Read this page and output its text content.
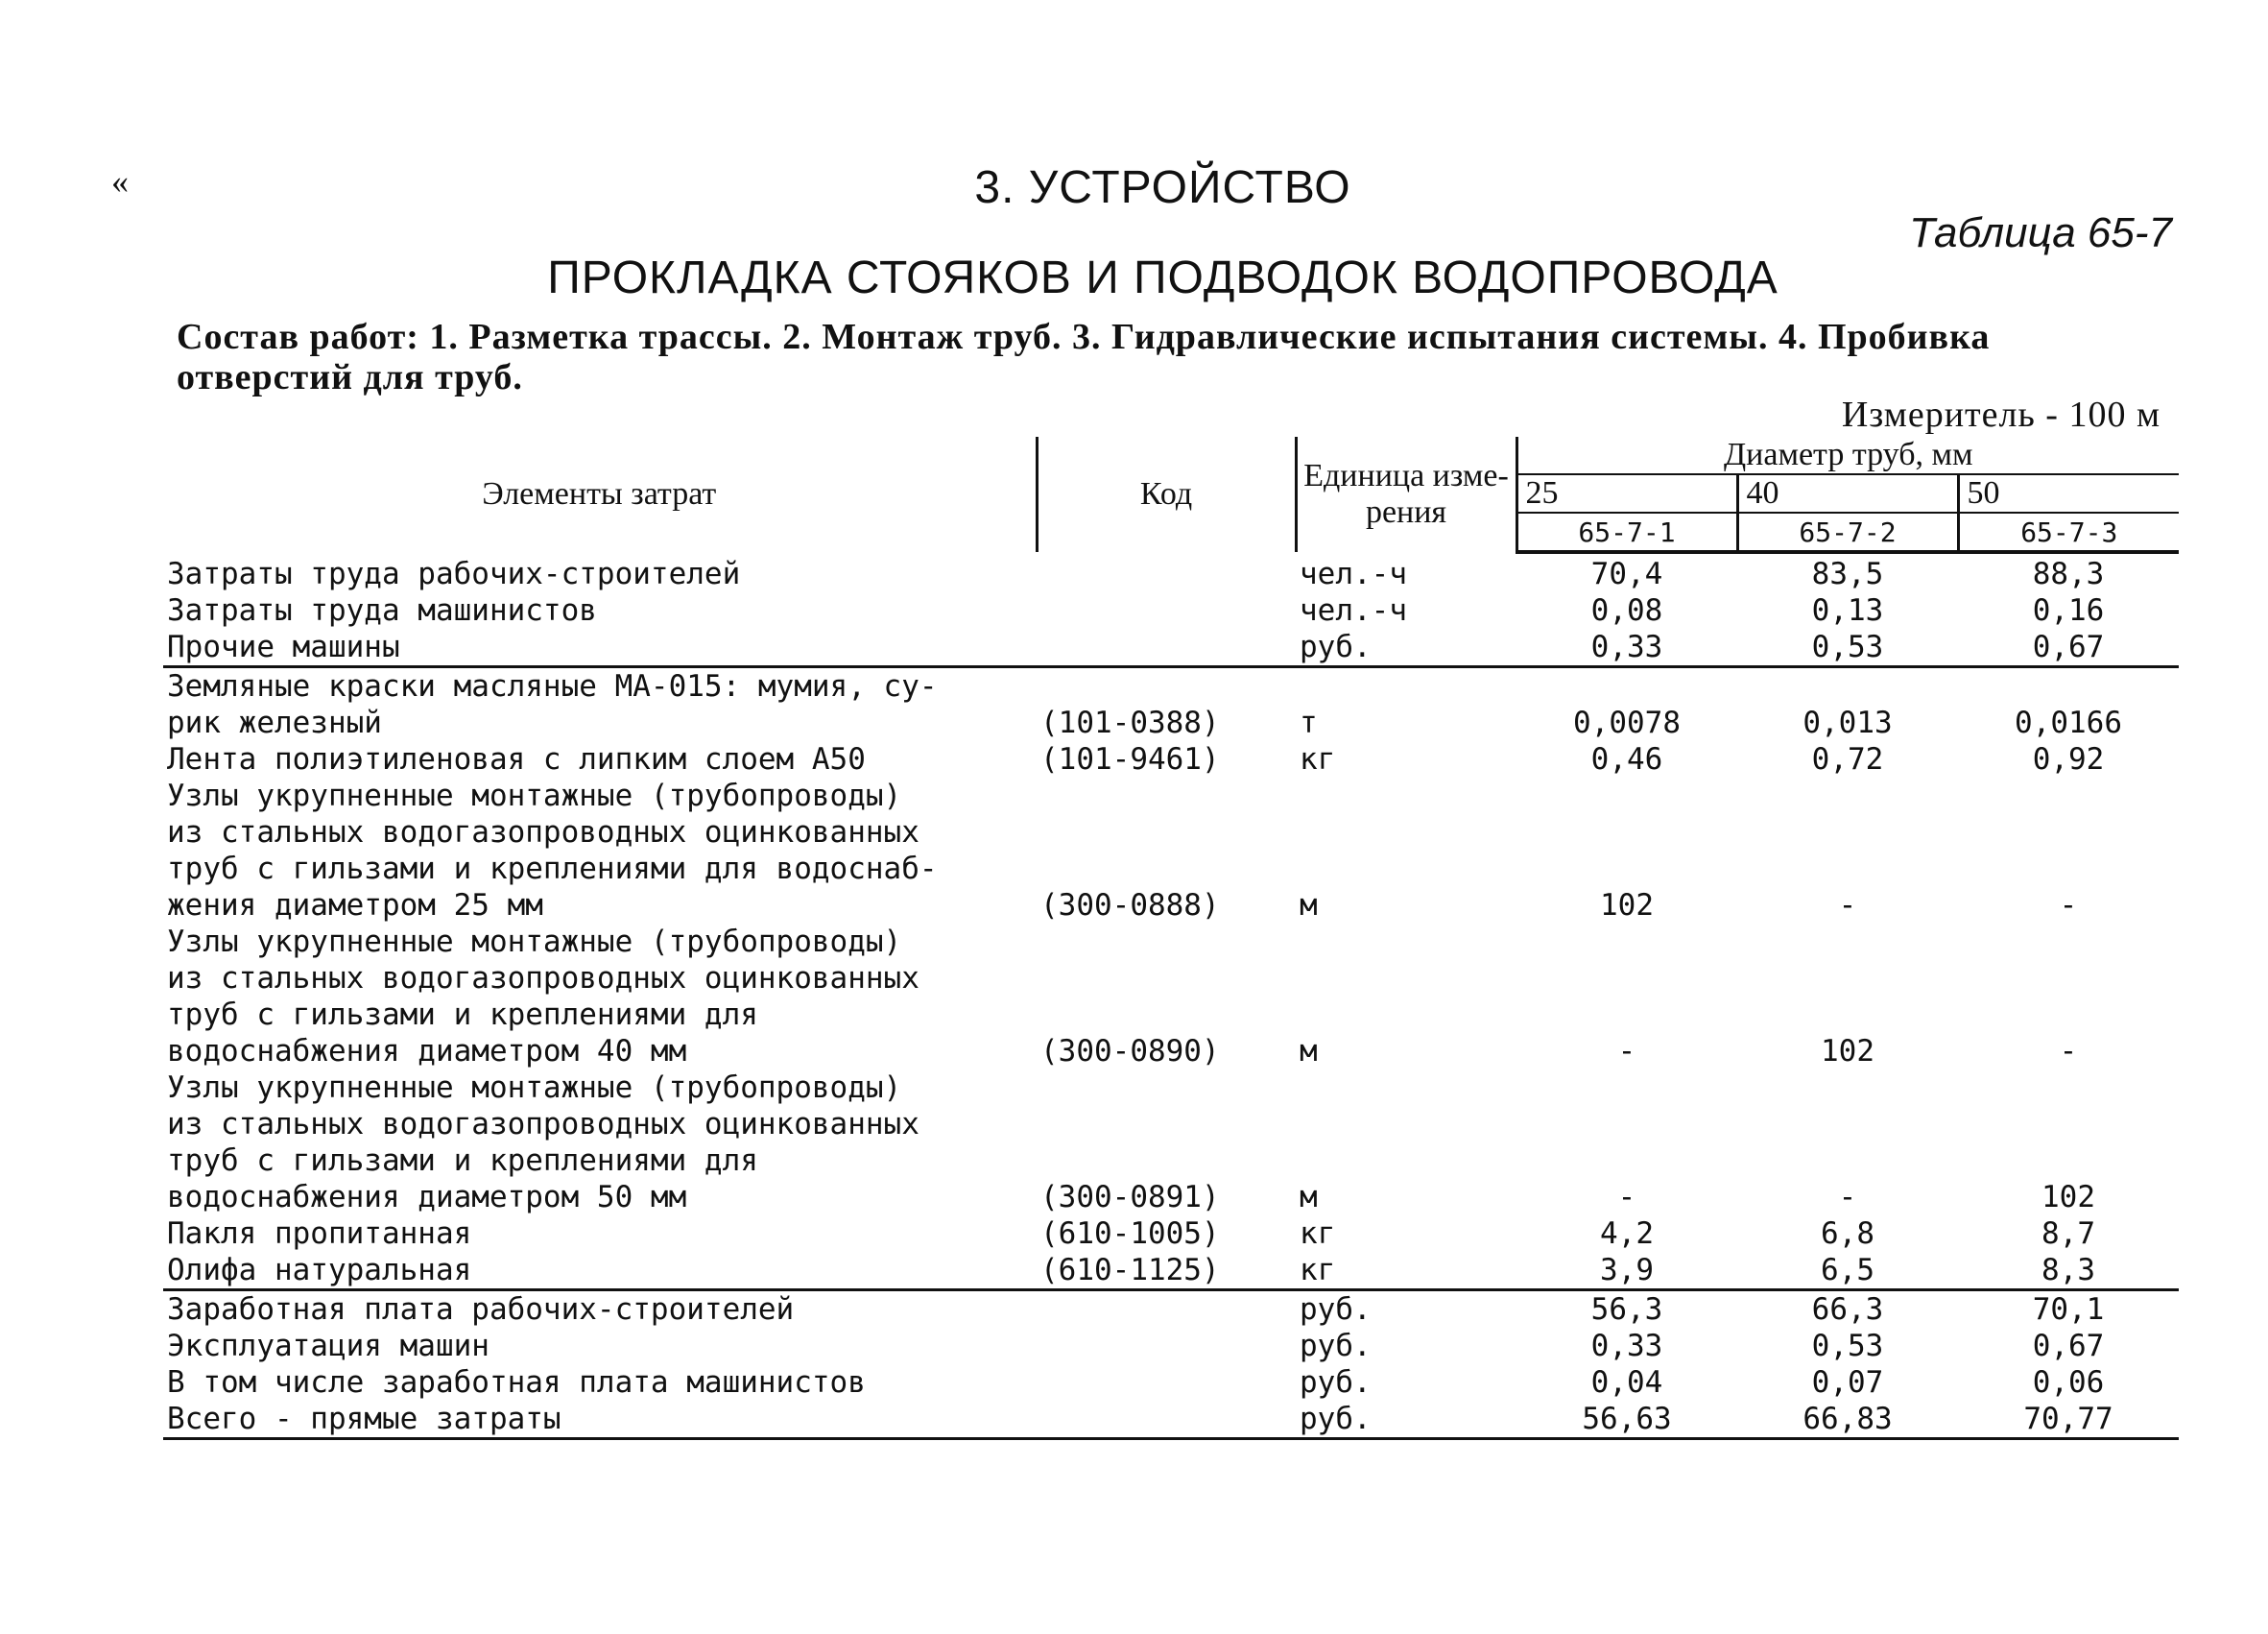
«	3. УСТРОЙСТВО
Таблица 65-7
ПРОКЛАДКА СТОЯКОВ И ПОДВОДОК ВОДОПРОВОДА
Состав работ: 1. Разметка трассы. 2. Монтаж труб. 3. Гидравлические испытания системы. 4. Пробивка отверстий для труб.
Измеритель - 100 м
Элементы затрат	Код	Единица измерения	Диаметр труб, мм		
			25	40	50
			65-7-1	65-7-2	65-7-3
Затраты труда рабочих-строителей		чел.-ч	70,4	83,5	88,3
Затраты труда машинистов		чел.-ч	0,08	0,13	0,16
Прочие машины		руб.	0,33	0,53	0,67
Земляные краски масляные МА-015: мумия, су-
рик железный	(101-0388)	т	0,0078	0,013	0,0166
Лента полиэтиленовая с липким слоем А50	(101-9461)	кг	0,46	0,72	0,92
Узлы укрупненные монтажные (трубопроводы)
из стальных водогазопроводных оцинкованных
труб с гильзами и креплениями для водоснаб-
жения диаметром 25 мм	(300-0888)	м	102	-	-
Узлы укрупненные монтажные (трубопроводы)
из стальных водогазопроводных оцинкованных
труб с гильзами и креплениями для
водоснабжения диаметром 40 мм	(300-0890)	м	-	102	-
Узлы укрупненные монтажные (трубопроводы)
из стальных водогазопроводных оцинкованных
труб с гильзами и креплениями для
водоснабжения диаметром 50 мм	(300-0891)	м	-	-	102
Пакля пропитанная	(610-1005)	кг	4,2	6,8	8,7
Олифа натуральная	(610-1125)	кг	3,9	6,5	8,3
Заработная плата рабочих-строителей		руб.	56,3	66,3	70,1
Эксплуатация машин		руб.	0,33	0,53	0,67
В том числе заработная плата машинистов		руб.	0,04	0,07	0,06
Всего - прямые затраты		руб.	56,63	66,83	70,77
